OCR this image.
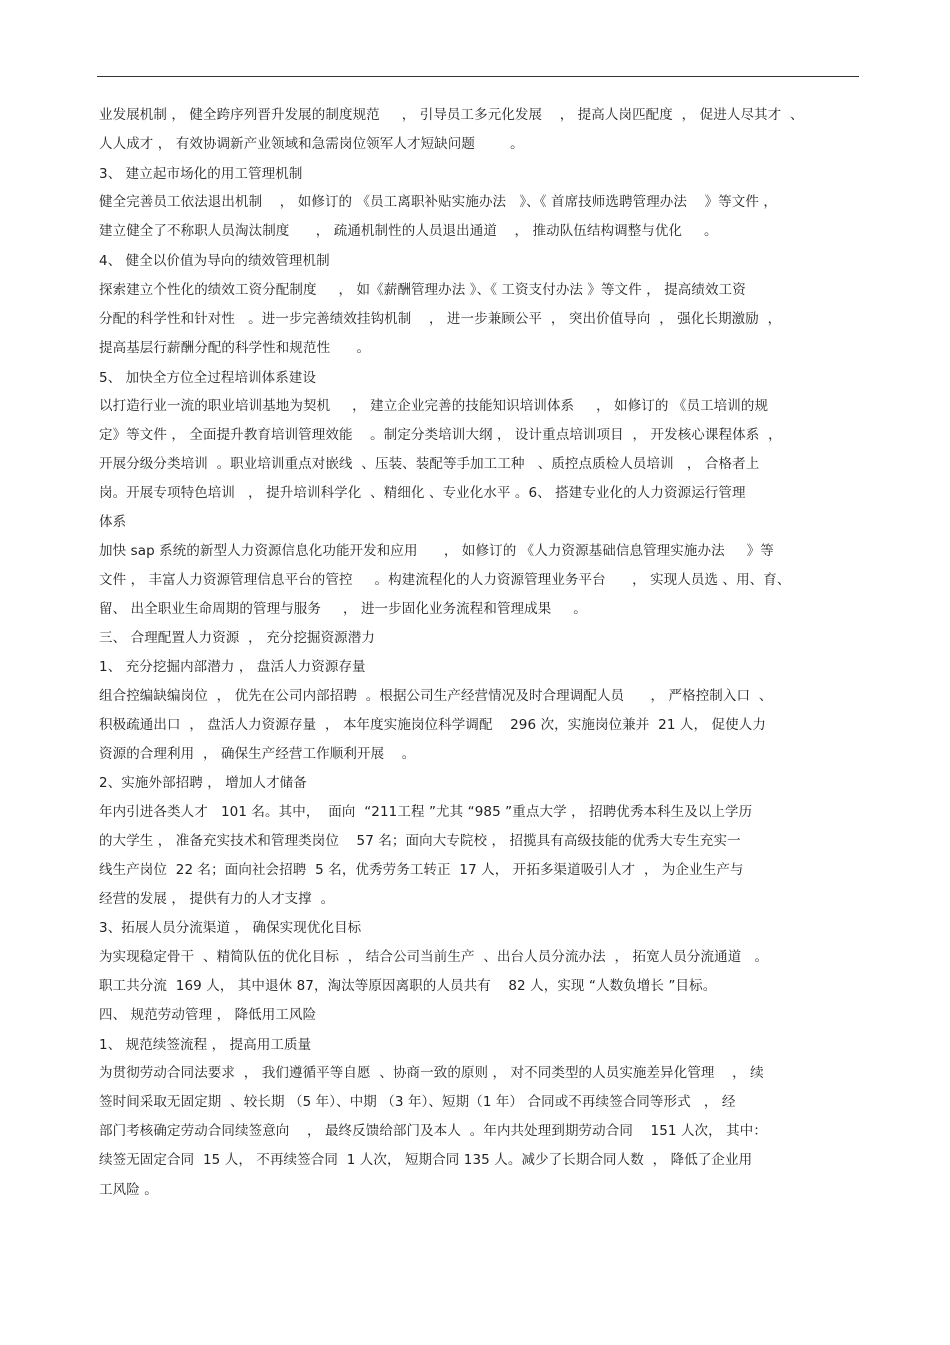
业发展机制 ， 健全跨序列晋升发展的制度规范     ， 引导员工多元化发展    ， 提高人岗匹配度  ， 促进人尽其才  、
人人成才 ， 有效协调新产业领域和急需岗位领军人才短缺问题        。
3、 建立起市场化的用工管理机制
健全完善员工依法退出机制    ， 如修订的 《员工离职补贴实施办法   》、《 首席技师选聘管理办法    》等文件 ，
建立健全了不称职人员淘汰制度      ， 疏通机制性的人员退出通道    ， 推动队伍结构调整与优化     。
4、 健全以价值为导向的绩效管理机制
探索建立个性化的绩效工资分配制度     ， 如《薪酬管理办法 》、《 工资支付办法 》等文件 ， 提高绩效工资
分配的科学性和针对性   。进一步完善绩效挂钩机制    ， 进一步兼顾公平  ， 突出价值导向  ， 强化长期激励  ，
提高基层行薪酬分配的科学性和规范性      。
5、 加快全方位全过程培训体系建设
以打造行业一流的职业培训基地为契机     ， 建立企业完善的技能知识培训体系     ， 如修订的 《员工培训的规
定》等文件 ， 全面提升教育培训管理效能    。制定分类培训大纲 ， 设计重点培训项目  ， 开发核心课程体系  ，
开展分级分类培训  。职业培训重点对嵌线  、压装、装配等手加工工种   、质控点质检人员培训   ， 合格者上
岗。开展专项特色培训   ， 提升培训科学化  、精细化 、专业化水平 。6、 搭建专业化的人力资源运行管理
体系
加快 sap 系统的新型人力资源信息化功能开发和应用      ， 如修订的 《人力资源基础信息管理实施办法     》等
文件 ， 丰富人力资源管理信息平台的管控     。构建流程化的人力资源管理业务平台      ， 实现人员选 、用、育、
留、 出全职业生命周期的管理与服务     ， 进一步固化业务流程和管理成果     。
三、 合理配置人力资源  ， 充分挖掘资源潜力
1、 充分挖掘内部潜力 ， 盘活人力资源存量
组合控编缺编岗位  ， 优先在公司内部招聘  。根据公司生产经营情况及时合理调配人员      ， 严格控制入口  、
积极疏通出口  ， 盘活人力资源存量  ， 本年度实施岗位科学调配    296 次，实施岗位兼并  21 人， 促使人力
资源的合理利用  ， 确保生产经营工作顺利开展    。
2、实施外部招聘 ， 增加人才储备
年内引进各类人才   101 名。其中，  面向  “211工程 ”尤其 “985 ”重点大学 ， 招聘优秀本科生及以上学历
的大学生 ， 准备充实技术和管理类岗位    57 名；面向大专院校 ， 招揽具有高级技能的优秀大专生充实一
线生产岗位  22 名；面向社会招聘  5 名，优秀劳务工转正  17 人， 开拓多渠道吸引人才  ， 为企业生产与
经营的发展 ， 提供有力的人才支撑  。
3、拓展人员分流渠道 ， 确保实现优化目标
为实现稳定骨干  、精简队伍的优化目标  ， 结合公司当前生产  、出台人员分流办法  ， 拓宽人员分流通道   。
职工共分流  169 人， 其中退休 87，淘汰等原因离职的人员共有    82 人，实现 “人数负增长 ”目标。
四、 规范劳动管理 ， 降低用工风险
1、 规范续签流程 ， 提高用工质量
为贯彻劳动合同法要求  ， 我们遵循平等自愿  、协商一致的原则 ， 对不同类型的人员实施差异化管理    ， 续
签时间采取无固定期  、较长期 （5 年）、中期 （3 年）、短期（1 年） 合同或不再续签合同等形式   ， 经
部门考核确定劳动合同续签意向    ， 最终反馈给部门及本人  。年内共处理到期劳动合同    151 人次， 其中：
续签无固定合同  15 人， 不再续签合同  1 人次， 短期合同 135 人。减少了长期合同人数  ， 降低了企业用
工风险 。
